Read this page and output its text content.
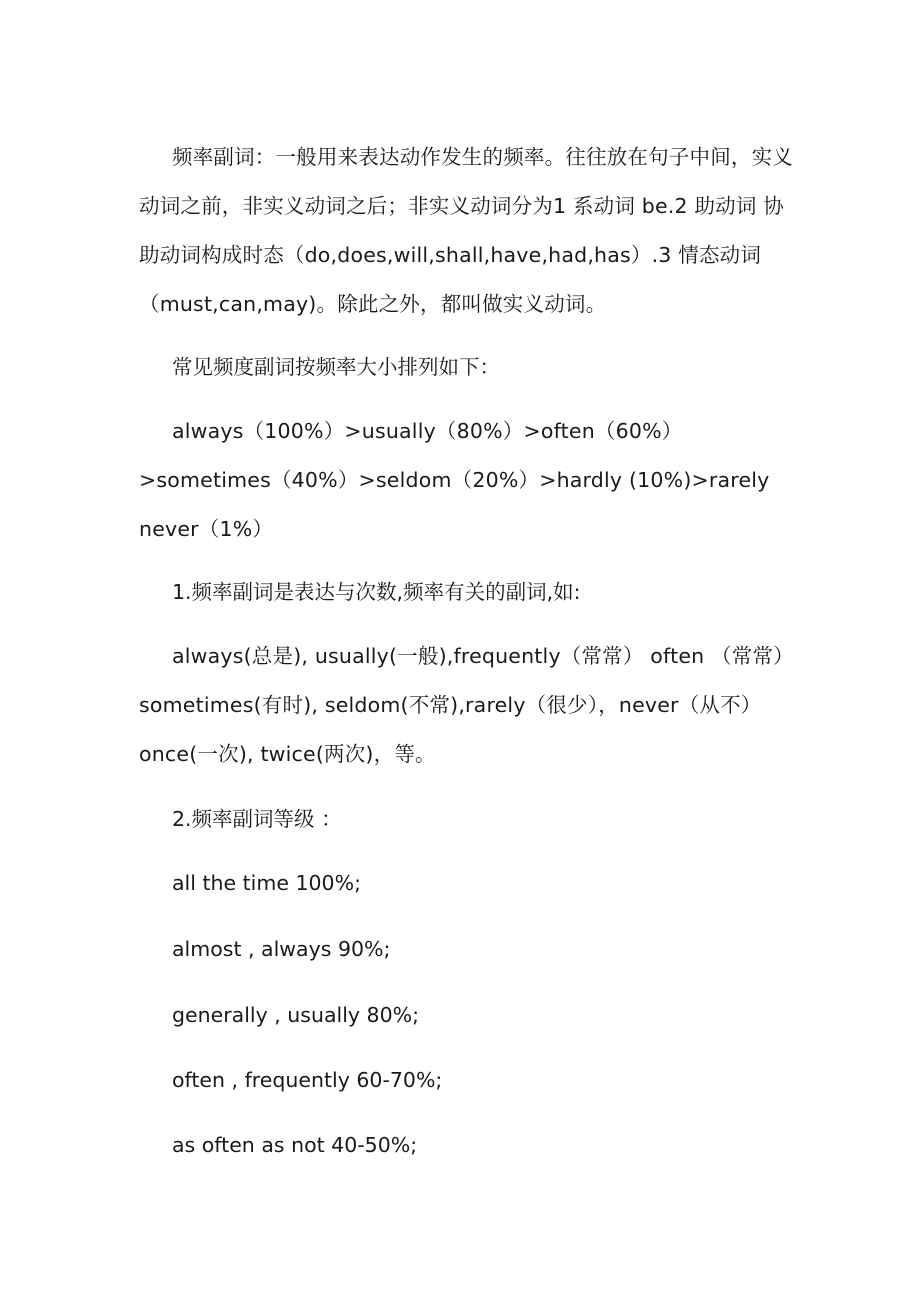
频率副词：一般用来表达动作发生的频率。往往放在句子中间，实义动词之前，非实义动词之后；非实义动词分为1 系动词 be.2 助动词 协助动词构成时态（do,does,will,shall,have,had,has）.3 情态动词（must,can,may)。除此之外，都叫做实义动词。

常见频度副词按频率大小排列如下：

always（100%）>usually（80%）>often（60%）>sometimes（40%）>seldom（20%）>hardly (10%)>rarely never（1%）

1.频率副词是表达与次数,频率有关的副词,如:

always(总是), usually(一般),frequently（常常） often （常常）sometimes(有时), seldom(不常),rarely（很少），never（从不）once(一次), twice(两次)，等。

2.频率副词等级 ：

all the time 100%;

almost , always 90%;

generally , usually 80%;

often , frequently 60-70%;

as often as not 40-50%;
